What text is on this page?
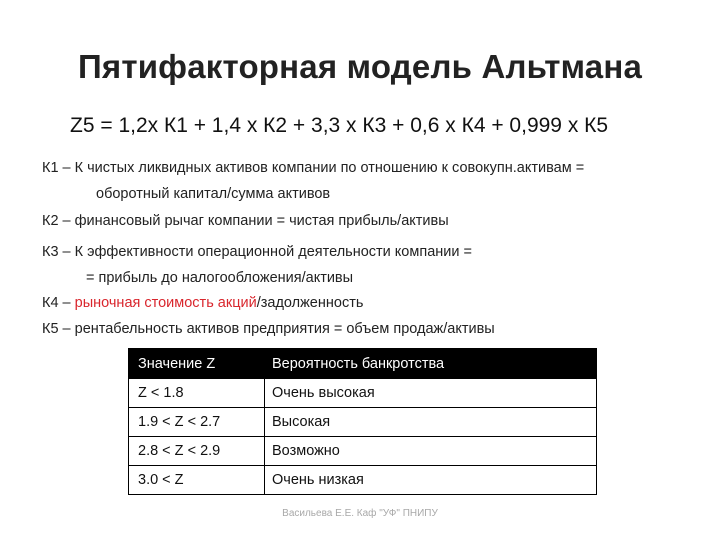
Пятифакторная модель Альтмана
Z5 = 1,2x К1 + 1,4 х К2 + 3,3 х К3 + 0,6 х К4 + 0,999 х К5
К1 – К чистых ликвидных активов компании по отношению к совокупн.активам =
оборотный капитал/сумма активов
К2 – финансовый рычаг компании = чистая прибыль/активы
К3 – К эффективности операционной деятельности компании =
= прибыль до налогообложения/активы
К4 – рыночная стоимость акций/задолженность
К5 – рентабельность активов предприятия = объем продаж/активы
Значение Z	Вероятность банкротства
Z < 1.8	Очень высокая
1.9 < Z < 2.7	Высокая
2.8 < Z < 2.9	Возможно
3.0 < Z	Очень низкая
Васильева Е.Е. Каф "УФ" ПНИПУ
